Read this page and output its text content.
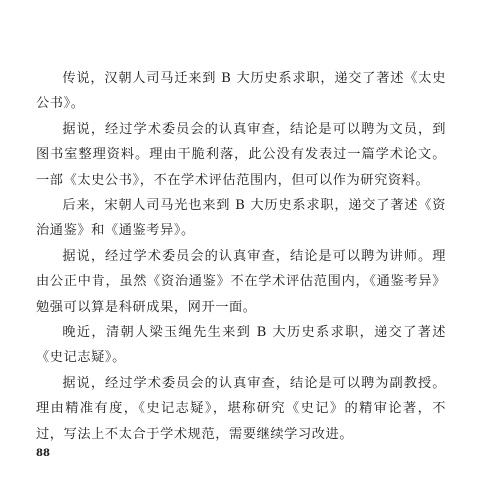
传说，汉朝人司马迁来到 B 大历史系求职，递交了著述《太史公书》。

据说，经过学术委员会的认真审查，结论是可以聘为文员，到图书室整理资料。理由干脆利落，此公没有发表过一篇学术论文。一部《太史公书》，不在学术评估范围内，但可以作为研究资料。

后来，宋朝人司马光也来到 B 大历史系求职，递交了著述《资治通鉴》和《通鉴考异》。

据说，经过学术委员会的认真审查，结论是可以聘为讲师。理由公正中肯，虽然《资治通鉴》不在学术评估范围内，《通鉴考异》勉强可以算是科研成果，网开一面。

晚近，清朝人梁玉绳先生来到 B 大历史系求职，递交了著述《史记志疑》。

据说，经过学术委员会的认真审查，结论是可以聘为副教授。理由精准有度，《史记志疑》，堪称研究《史记》的精审论著，不过，写法上不太合于学术规范，需要继续学习改进。

88
